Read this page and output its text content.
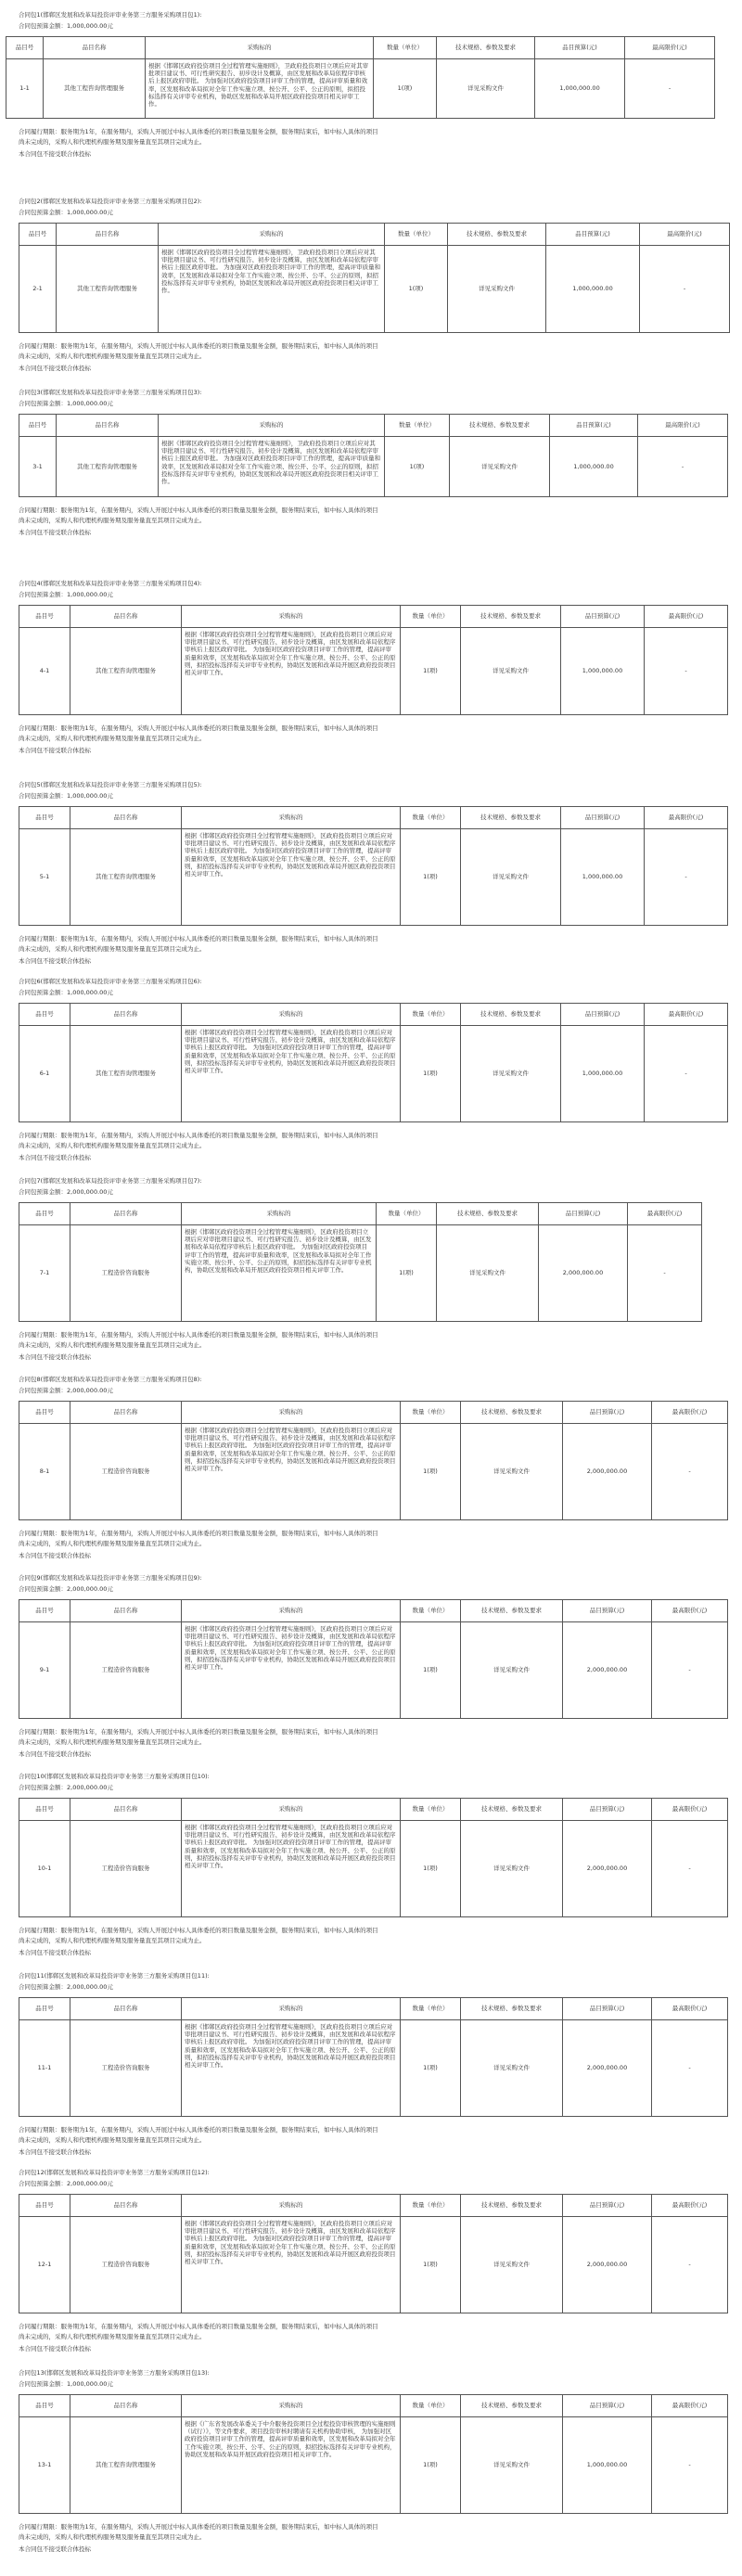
合同包1(邯郸区发展和改革局投资评审业务第三方服务采购项目包1):
合同包预算金额：1,000,000.00元
品目号	品目名称	采购标的	数量（单位）	技术规格、参数及要求	品目预算(元)	最高限价(元)
1-1	其他工程咨询管理服务	根据《邯郸区政府投资项目全过程管理实施细则》，卫政府投资项目立项后应对其审批项目建议书、可行性研究报告、初步设计及概算，由区发展和改革局依程序审核后上报区政府审批。 为加强对区政府投资项目评审工作的管理，提高评审质量和效率，区发展和改革局拟对全年工作实施立项、按公开、公平、公正的原则，拟招投标选择有关评审专业机构，协助区发展和改革局开展区政府投资项目相关评审工作。	1(项)	详见采购文件	1,000,000.00	-
合同履行期限：服务期为1年，在服务期内，采购人开展过中标人具体委托的项目数量及服务金额，服务期结束后，如中标人具体的项目
尚未完成的，采购人和代理机构服务期及服务量直至其项目完成为止。
本合同包不接受联合体投标
合同包2(邯郸区发展和改革局投资评审业务第三方服务采购项目包2):
合同包预算金额：1,000,000.00元
品目号	品目名称	采购标的	数量（单位）	技术规格、参数及要求	品目预算(元)	最高限价(元)
2-1	其他工程咨询管理服务	根据《邯郸区政府投资项目全过程管理实施细则》，卫政府投资项目立项后应对其审批项目建议书、可行性研究报告、初步设计及概算，由区发展和改革局依程序审核后上报区政府审批。 为加强对区政府投资项目评审工作的管理，提高评审质量和效率，区发展和改革局拟对全年工作实施立项、按公开、公平、公正的原则，拟招投标选择有关评审专业机构，协助区发展和改革局开展区政府投资项目相关评审工作。	1(项)	详见采购文件	1,000,000.00	-
合同履行期限：服务期为1年，在服务期内，采购人开展过中标人具体委托的项目数量及服务金额，服务期结束后，如中标人具体的项目
尚未完成的，采购人和代理机构服务期及服务量直至其项目完成为止。
本合同包不接受联合体投标
合同包3(邯郸区发展和改革局投资评审业务第三方服务采购项目包3):
合同包预算金额：1,000,000.00元
品目号	品目名称	采购标的	数量（单位）	技术规格、参数及要求	品目预算(元)	最高限价(元)
3-1	其他工程咨询管理服务	根据《邯郸区政府投资项目全过程管理实施细则》，卫政府投资项目立项后应对其审批项目建议书、可行性研究报告、初步设计及概算，由区发展和改革局依程序审核后上报区政府审批。 为加强对区政府投资项目评审工作的管理，提高评审质量和效率，区发展和改革局拟对全年工作实施立项、按公开、公平、公正的原则，拟招投标选择有关评审专业机构，协助区发展和改革局开展区政府投资项目相关评审工作。	1(项)	详见采购文件	1,000,000.00	-
合同履行期限：服务期为1年，在服务期内，采购人开展过中标人具体委托的项目数量及服务金额，服务期结束后，如中标人具体的项目
尚未完成的，采购人和代理机构服务期及服务量直至其项目完成为止。
本合同包不接受联合体投标
合同包4(邯郸区发展和改革局投资评审业务第三方服务采购项目包4):
合同包预算金额：1,000,000.00元
品目号	品目名称	采购标的	数量（单位）	技术规格、参数及要求	品目预算(元)	最高限价(元)
4-1	其他工程咨询管理服务	根据《邯郸区政府投资项目全过程管理实施细则》，区政府投资项目立项后应对审批项目建议书、可行性研究报告、初步设计及概算，由区发展和改革局依程序审核后上报区政府审批。 为加强对区政府投资项目评审工作的管理，提高评审质量和效率，区发展和改革局拟对全年工作实施立项、按公开、公平、公正的原则，拟招投标选择有关评审专业机构，协助区发展和改革局开展区政府投资项目相关评审工作。	1(项)	详见采购文件	1,000,000.00	-
合同履行期限：服务期为1年，在服务期内，采购人开展过中标人具体委托的项目数量及服务金额，服务期结束后，如中标人具体的项目
尚未完成的，采购人和代理机构服务期及服务量直至其项目完成为止。
本合同包不接受联合体投标
合同包5(邯郸区发展和改革局投资评审业务第三方服务采购项目包5):
合同包预算金额：1,000,000.00元
品目号	品目名称	采购标的	数量（单位）	技术规格、参数及要求	品目预算(元)	最高限价(元)
5-1	其他工程咨询管理服务	根据《邯郸区政府投资项目全过程管理实施细则》，区政府投资项目立项后应对审批项目建议书、可行性研究报告、初步设计及概算，由区发展和改革局依程序审核后上报区政府审批。 为加强对区政府投资项目评审工作的管理，提高评审质量和效率，区发展和改革局拟对全年工作实施立项、按公开、公平、公正的原则，拟招投标选择有关评审专业机构，协助区发展和改革局开展区政府投资项目相关评审工作。	1(项)	详见采购文件	1,000,000.00	-
合同履行期限：服务期为1年，在服务期内，采购人开展过中标人具体委托的项目数量及服务金额，服务期结束后，如中标人具体的项目
尚未完成的，采购人和代理机构服务期及服务量直至其项目完成为止。
本合同包不接受联合体投标
合同包6(邯郸区发展和改革局投资评审业务第三方服务采购项目包6):
合同包预算金额：1,000,000.00元
品目号	品目名称	采购标的	数量（单位）	技术规格、参数及要求	品目预算(元)	最高限价(元)
6-1	其他工程咨询管理服务	根据《邯郸区政府投资项目全过程管理实施细则》，区政府投资项目立项后应对审批项目建议书、可行性研究报告、初步设计及概算，由区发展和改革局依程序审核后上报区政府审批。 为加强对区政府投资项目评审工作的管理，提高评审质量和效率，区发展和改革局拟对全年工作实施立项、按公开、公平、公正的原则，拟招投标选择有关评审专业机构，协助区发展和改革局开展区政府投资项目相关评审工作。	1(项)	详见采购文件	1,000,000.00	-
合同履行期限：服务期为1年，在服务期内，采购人开展过中标人具体委托的项目数量及服务金额，服务期结束后，如中标人具体的项目
尚未完成的，采购人和代理机构服务期及服务量直至其项目完成为止。
本合同包不接受联合体投标
合同包7(邯郸区发展和改革局投资评审业务第三方服务采购项目包7):
合同包预算金额：2,000,000.00元
品目号	品目名称	采购标的	数量（单位）	技术规格、参数及要求	品目预算(元)	最高限价(元)
7-1	工程造价咨询服务	根据《邯郸区政府投资项目全过程管理实施细则》，区政府投资项目立项后应对审批项目建议书、可行性研究报告、初步设计及概算，由区发展和改革局依程序审核后上报区政府审批。 为加强对区政府投资项目评审工作的管理，提高评审质量和效率，区发展和改革局拟对全年工作实施立项、按公开、公平、公正的原则，拟招投标选择有关评审专业机构，协助区发展和改革局开展区政府投资项目相关评审工作。	1(项)	详见采购文件	2,000,000.00	-
合同履行期限：服务期为1年，在服务期内，采购人开展过中标人具体委托的项目数量及服务金额，服务期结束后，如中标人具体的项目
尚未完成的，采购人和代理机构服务期及服务量直至其项目完成为止。
本合同包不接受联合体投标
合同包8(邯郸区发展和改革局投资评审业务第三方服务采购项目包8):
合同包预算金额：2,000,000.00元
品目号	品目名称	采购标的	数量（单位）	技术规格、参数及要求	品目预算(元)	最高限价(元)
8-1	工程造价咨询服务	根据《邯郸区政府投资项目全过程管理实施细则》，区政府投资项目立项后应对审批项目建议书、可行性研究报告、初步设计及概算，由区发展和改革局依程序审核后上报区政府审批。 为加强对区政府投资项目评审工作的管理，提高评审质量和效率，区发展和改革局拟对全年工作实施立项、按公开、公平、公正的原则，拟招投标选择有关评审专业机构，协助区发展和改革局开展区政府投资项目相关评审工作。	1(项)	详见采购文件	2,000,000.00	-
合同履行期限：服务期为1年，在服务期内，采购人开展过中标人具体委托的项目数量及服务金额，服务期结束后，如中标人具体的项目
尚未完成的，采购人和代理机构服务期及服务量直至其项目完成为止。
本合同包不接受联合体投标
合同包9(邯郸区发展和改革局投资评审业务第三方服务采购项目包9):
合同包预算金额：2,000,000.00元
品目号	品目名称	采购标的	数量（单位）	技术规格、参数及要求	品目预算(元)	最高限价(元)
9-1	工程造价咨询服务	根据《邯郸区政府投资项目全过程管理实施细则》，区政府投资项目立项后应对审批项目建议书、可行性研究报告、初步设计及概算，由区发展和改革局依程序审核后上报区政府审批。 为加强对区政府投资项目评审工作的管理，提高评审质量和效率，区发展和改革局拟对全年工作实施立项、按公开、公平、公正的原则，拟招投标选择有关评审专业机构，协助区发展和改革局开展区政府投资项目相关评审工作。	1(项)	详见采购文件	2,000,000.00	-
合同履行期限：服务期为1年，在服务期内，采购人开展过中标人具体委托的项目数量及服务金额，服务期结束后，如中标人具体的项目
尚未完成的，采购人和代理机构服务期及服务量直至其项目完成为止。
本合同包不接受联合体投标
合同包10(邯郸区发展和改革局投资评审业务第三方服务采购项目包10):
合同包预算金额：2,000,000.00元
品目号	品目名称	采购标的	数量（单位）	技术规格、参数及要求	品目预算(元)	最高限价(元)
10-1	工程造价咨询服务	根据《邯郸区政府投资项目全过程管理实施细则》，区政府投资项目立项后应对审批项目建议书、可行性研究报告、初步设计及概算，由区发展和改革局依程序审核后上报区政府审批。 为加强对区政府投资项目评审工作的管理，提高评审质量和效率，区发展和改革局拟对全年工作实施立项、按公开、公平、公正的原则，拟招投标选择有关评审专业机构，协助区发展和改革局开展区政府投资项目相关评审工作。	1(项)	详见采购文件	2,000,000.00	-
合同履行期限：服务期为1年，在服务期内，采购人开展过中标人具体委托的项目数量及服务金额，服务期结束后，如中标人具体的项目
尚未完成的，采购人和代理机构服务期及服务量直至其项目完成为止。
本合同包不接受联合体投标
合同包11(邯郸区发展和改革局投资评审业务第三方服务采购项目包11):
合同包预算金额：2,000,000.00元
品目号	品目名称	采购标的	数量（单位）	技术规格、参数及要求	品目预算(元)	最高限价(元)
11-1	工程造价咨询服务	根据《邯郸区政府投资项目全过程管理实施细则》，区政府投资项目立项后应对审批项目建议书、可行性研究报告、初步设计及概算，由区发展和改革局依程序审核后上报区政府审批。 为加强对区政府投资项目评审工作的管理，提高评审质量和效率，区发展和改革局拟对全年工作实施立项、按公开、公平、公正的原则，拟招投标选择有关评审专业机构，协助区发展和改革局开展区政府投资项目相关评审工作。	1(项)	详见采购文件	2,000,000.00	-
合同履行期限：服务期为1年，在服务期内，采购人开展过中标人具体委托的项目数量及服务金额，服务期结束后，如中标人具体的项目
尚未完成的，采购人和代理机构服务期及服务量直至其项目完成为止。
本合同包不接受联合体投标
合同包12(邯郸区发展和改革局投资评审业务第三方服务采购项目包12):
合同包预算金额：2,000,000.00元
品目号	品目名称	采购标的	数量（单位）	技术规格、参数及要求	品目预算(元)	最高限价(元)
12-1	工程造价咨询服务	根据《邯郸区政府投资项目全过程管理实施细则》，区政府投资项目立项后应对审批项目建议书、可行性研究报告、初步设计及概算，由区发展和改革局依程序审核后上报区政府审批。 为加强对区政府投资项目评审工作的管理，提高评审质量和效率，区发展和改革局拟对全年工作实施立项、按公开、公平、公正的原则，拟招投标选择有关评审专业机构，协助区发展和改革局开展区政府投资项目相关评审工作。	1(项)	详见采购文件	2,000,000.00	-
合同履行期限：服务期为1年，在服务期内，采购人开展过中标人具体委托的项目数量及服务金额，服务期结束后，如中标人具体的项目
尚未完成的，采购人和代理机构服务期及服务量直至其项目完成为止。
本合同包不接受联合体投标
合同包13(邯郸区发展和改革局投资评审业务第三方服务采购项目包13):
合同包预算金额：1,000,000.00元
品目号	品目名称	采购标的	数量（单位）	技术规格、参数及要求	品目预算(元)	最高限价(元)
13-1	其他工程咨询管理服务	根据《广东省发展改革委关于中介服务投资项目全过程投资审核管理的实施细则（试行）》，等文件要求，项目投资审核时聘请有关机构协助审核， 为加强对区政府投资项目评审工作的管理，提高评审质量和效率，区发展和改革局拟对全年工作实施立项，按公开、公平、公正的原则，拟招投标选择有关评审专业机构，协助区发展和改革局开展区政府投资项目相关评审工作。	1(项)	详见采购文件	1,000,000.00	-
合同履行期限：服务期为1年，在服务期内，采购人开展过中标人具体委托的项目数量及服务金额，服务期结束后，如中标人具体的项目
尚未完成的，采购人和代理机构服务期及服务量直至其项目完成为止。
本合同包不接受联合体投标
